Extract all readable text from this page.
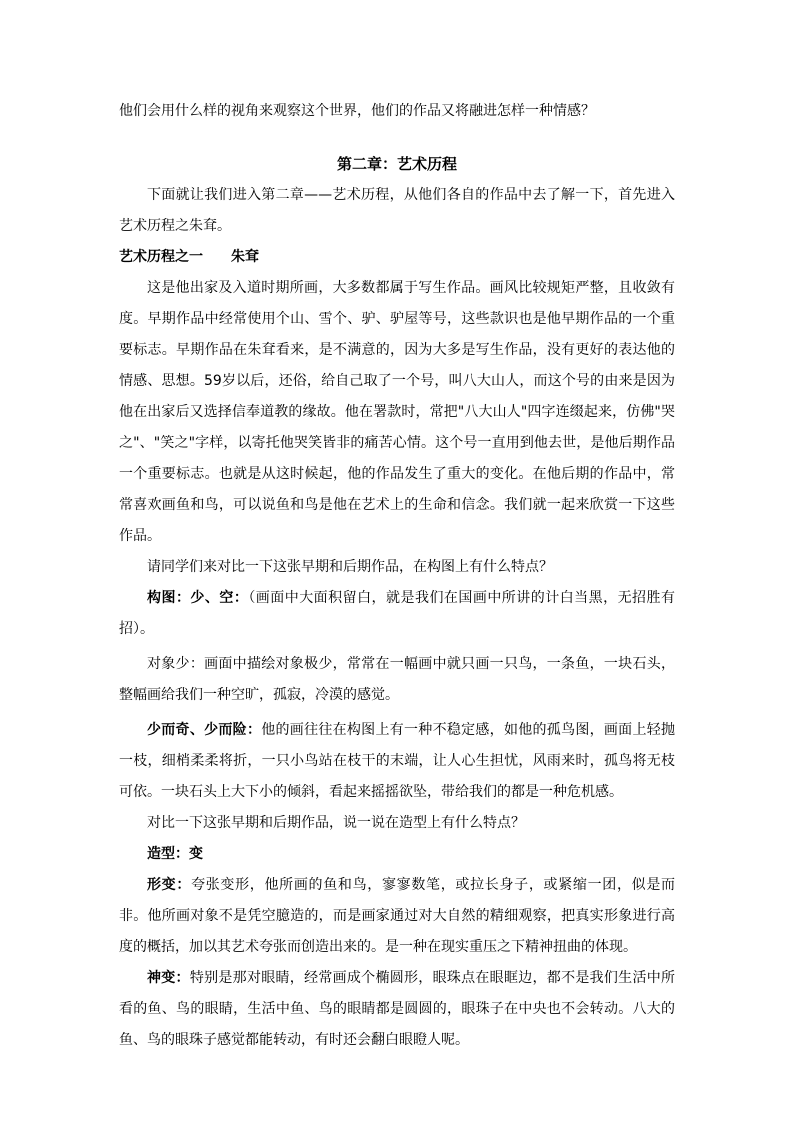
他们会用什么样的视角来观察这个世界，他们的作品又将融进怎样一种情感？

第二章：艺术历程

下面就让我们进入第二章——艺术历程，从他们各自的作品中去了解一下，首先进入艺术历程之朱耷。

艺术历程之一 朱耷

这是他出家及入道时期所画，大多数都属于写生作品。画风比较规矩严整，且收敛有度。早期作品中经常使用个山、雪个、驴、驴屋等号，这些款识也是他早期作品的一个重要标志。早期作品在朱耷看来，是不满意的，因为大多是写生作品，没有更好的表达他的情感、思想。59岁以后，还俗，给自己取了一个号，叫八大山人，而这个号的由来是因为他在出家后又选择信奉道教的缘故。他在署款时，常把"八大山人"四字连缀起来，仿佛"哭之"、"笑之"字样，以寄托他哭笑皆非的痛苦心情。这个号一直用到他去世，是他后期作品一个重要标志。也就是从这时候起，他的作品发生了重大的变化。在他后期的作品中，常常喜欢画鱼和鸟，可以说鱼和鸟是他在艺术上的生命和信念。我们就一起来欣赏一下这些作品。

请同学们来对比一下这张早期和后期作品，在构图上有什么特点？

构图：少、空：（画面中大面积留白，就是我们在国画中所讲的计白当黑，无招胜有招）。

对象少：画面中描绘对象极少，常常在一幅画中就只画一只鸟，一条鱼，一块石头，整幅画给我们一种空旷，孤寂，冷漠的感觉。

少而奇、少而险：他的画往往在构图上有一种不稳定感，如他的孤鸟图，画面上轻抛一枝，细梢柔柔将折，一只小鸟站在枝干的末端，让人心生担忧，风雨来时，孤鸟将无枝可依。一块石头上大下小的倾斜，看起来摇摇欲坠，带给我们的都是一种危机感。

对比一下这张早期和后期作品，说一说在造型上有什么特点？

造型：变

形变：夸张变形，他所画的鱼和鸟，寥寥数笔，或拉长身子，或紧缩一团，似是而非。他所画对象不是凭空臆造的，而是画家通过对大自然的精细观察，把真实形象进行高度的概括，加以其艺术夸张而创造出来的。是一种在现实重压之下精神扭曲的体现。

神变：特别是那对眼睛，经常画成个椭圆形，眼珠点在眼眶边，都不是我们生活中所看的鱼、鸟的眼睛，生活中鱼、鸟的眼睛都是圆圆的，眼珠子在中央也不会转动。八大的鱼、鸟的眼珠子感觉都能转动，有时还会翻白眼瞪人呢。
